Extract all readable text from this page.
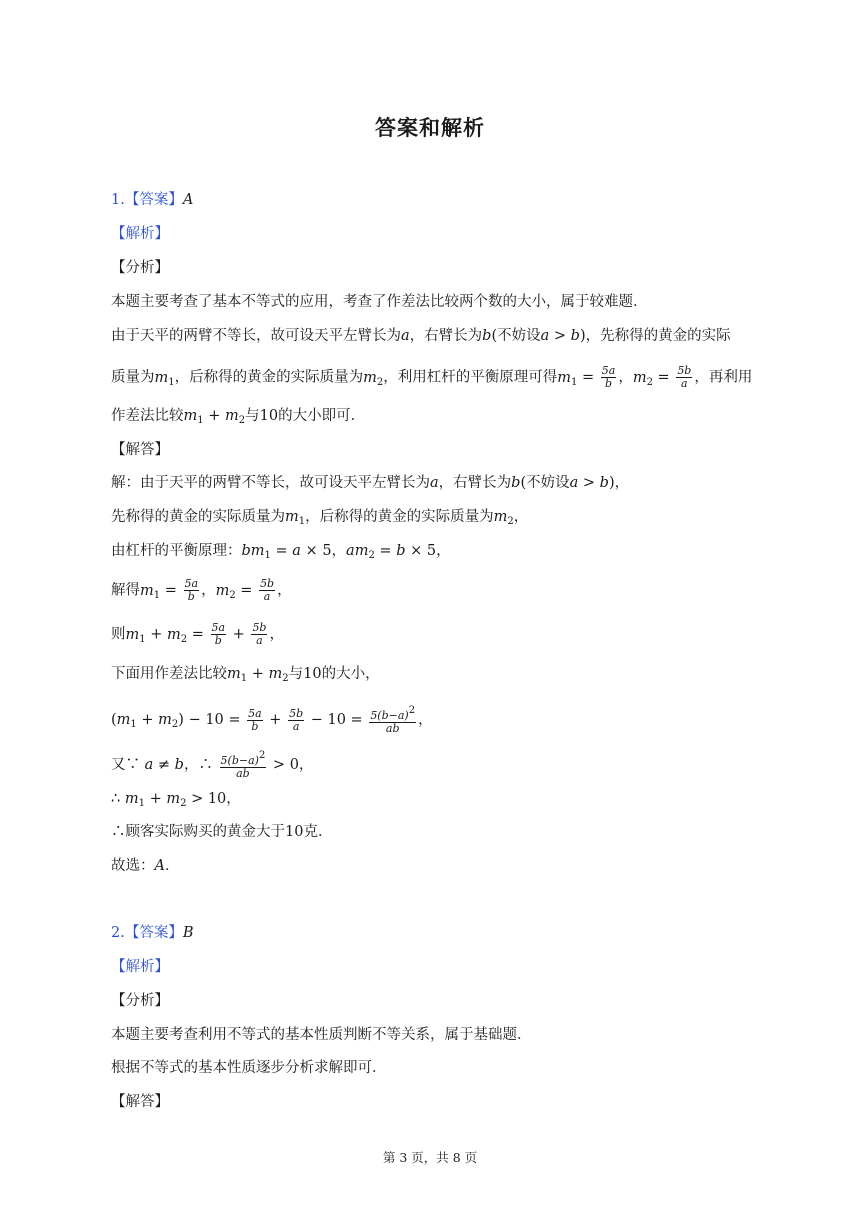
答案和解析
1.【答案】A
【解析】
【分析】
本题主要考查了基本不等式的应用，考查了作差法比较两个数的大小，属于较难题．
由于天平的两臂不等长，故可设天平左臂长为a，右臂长为b(不妨设a > b)，先称得的黄金的实际
质量为$m_1$，后称得的黄金的实际质量为$m_2$，利用杠杆的平衡原理可得$m_1 = \frac{5a}{b}$ ，$m_2 = \frac{5b}{a}$ ，再利用
作差法比较$m_1 + m_2$与10的大小即可．
【解答】
解：由于天平的两臂不等长，故可设天平左臂长为a，右臂长为b(不妨设a > b)，
先称得的黄金的实际质量为$m_1$，后称得的黄金的实际质量为$m_2$，
由杠杆的平衡原理：$bm_1 = a \times 5$，$am_2 = b \times 5$，
解得$m_1 = \frac{5a}{b}$ ，$m_2 = \frac{5b}{a}$ ，
则$m_1 + m_2 = \frac{5a}{b} + \frac{5b}{a}$ ，
下面用作差法比较$m_1 + m_2$与10的大小，
$(m_1 + m_2) - 10 = \frac{5a}{b} + \frac{5b}{a} - 10 = \frac{5(b-a)^2}{ab}$ ，
又∵ a ≠ b，∴ $\frac{5(b-a)^2}{ab} > 0$，
∴ $m_1 + m_2 > 10$，
∴顾客实际购买的黄金大于10克．
故选：A．
2.【答案】B
【解析】
【分析】
本题主要考查利用不等式的基本性质判断不等关系，属于基础题．
根据不等式的基本性质逐步分析求解即可．
【解答】
第 3 页，共 8 页
